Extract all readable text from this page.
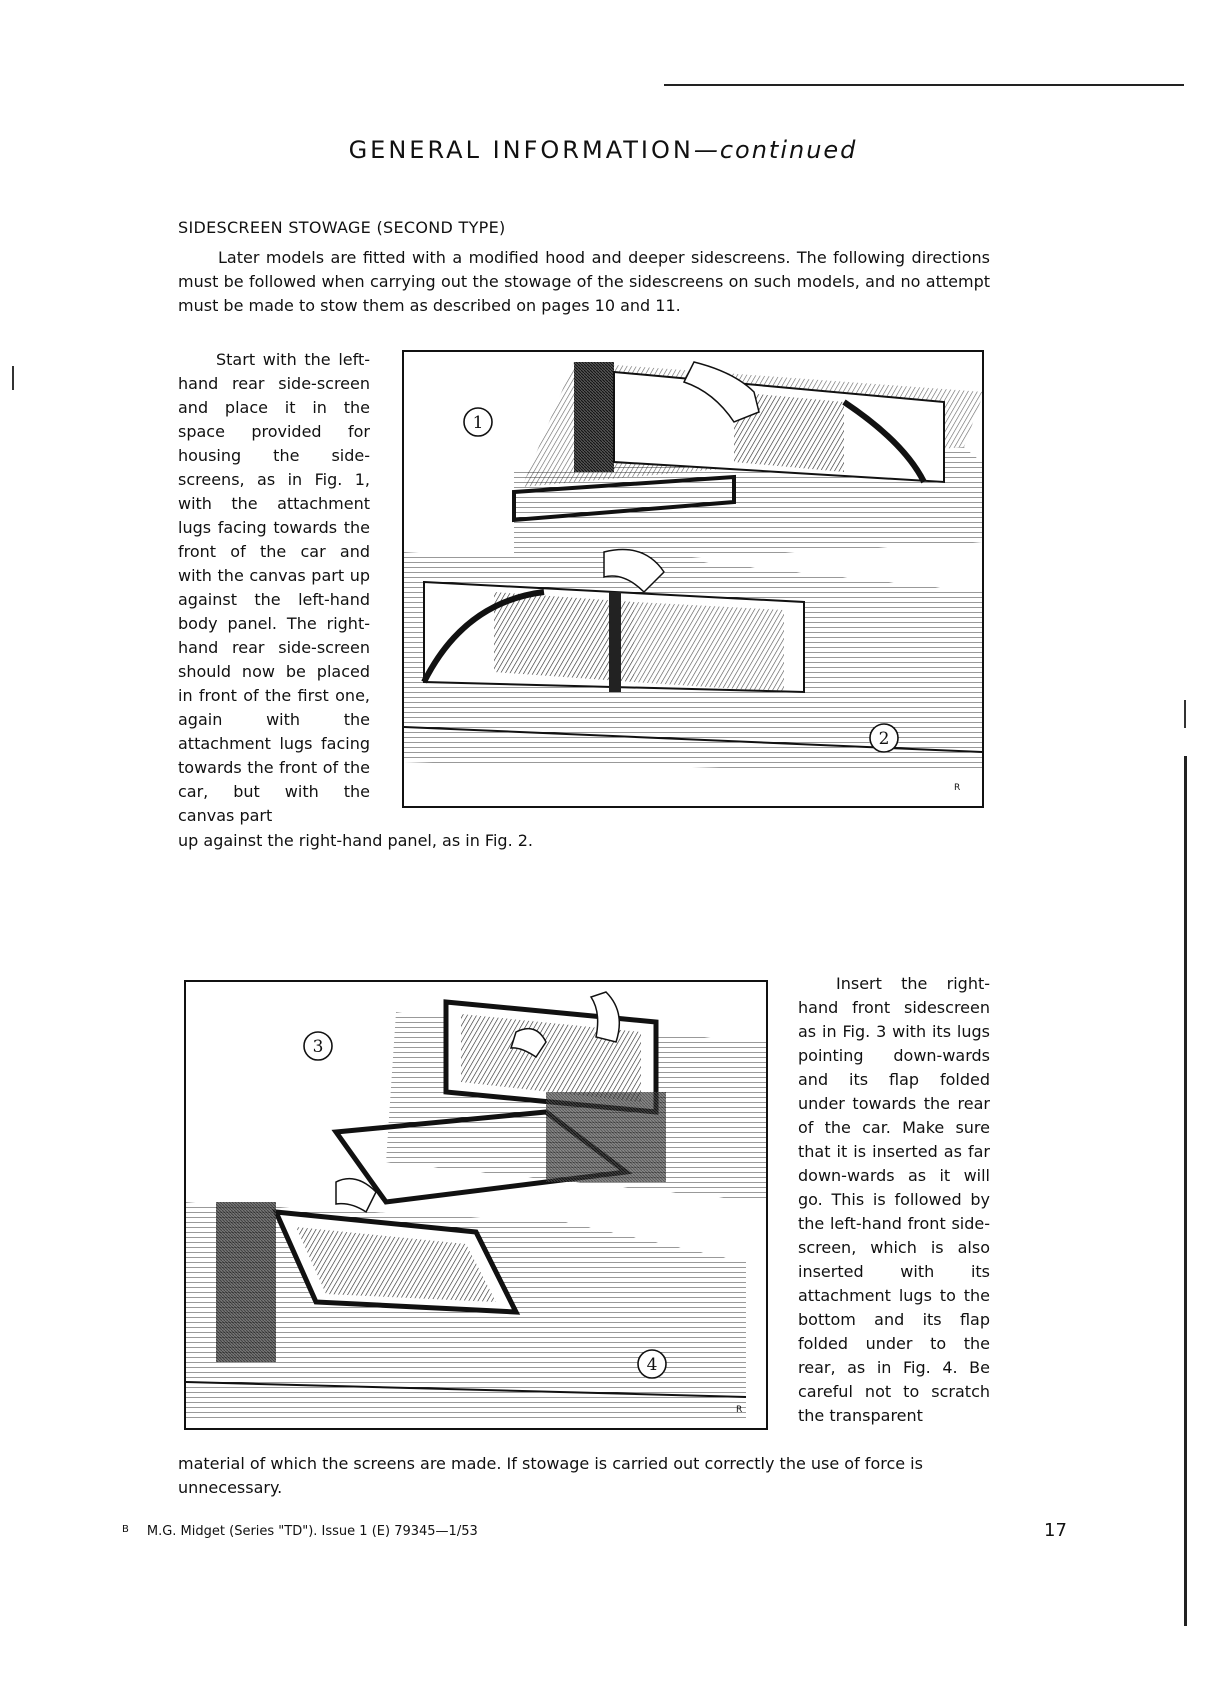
GENERAL INFORMATION—continued
SIDESCREEN STOWAGE (SECOND TYPE)
Later models are fitted with a modified hood and deeper sidescreens. The following directions must be followed when carrying out the stowage of the sidescreens on such models, and no attempt must be made to stow them as described on pages 10 and 11.
Start with the left-hand rear side-screen and place it in the space provided for housing the side-screens, as in Fig. 1, with the attachment lugs facing towards the front of the car and with the canvas part up against the left-hand body panel. The right-hand rear side-screen should now be placed in front of the first one, again with the attachment lugs facing towards the front of the car, but with the canvas part
up against the right-hand panel, as in Fig. 2.
1
2
R
3
4
R
Insert the right-hand front sidescreen as in Fig. 3 with its lugs pointing down-wards and its flap folded under towards the rear of the car. Make sure that it is inserted as far down-wards as it will go. This is followed by the left-hand front side-screen, which is also inserted with its attachment lugs to the bottom and its flap folded under to the rear, as in Fig. 4. Be careful not to scratch the transparent
material of which the screens are made. If stowage is carried out correctly the use of force is unnecessary.
$^B$ M.G. Midget (Series "TD"). Issue 1 (E) 79345—1/53	17
